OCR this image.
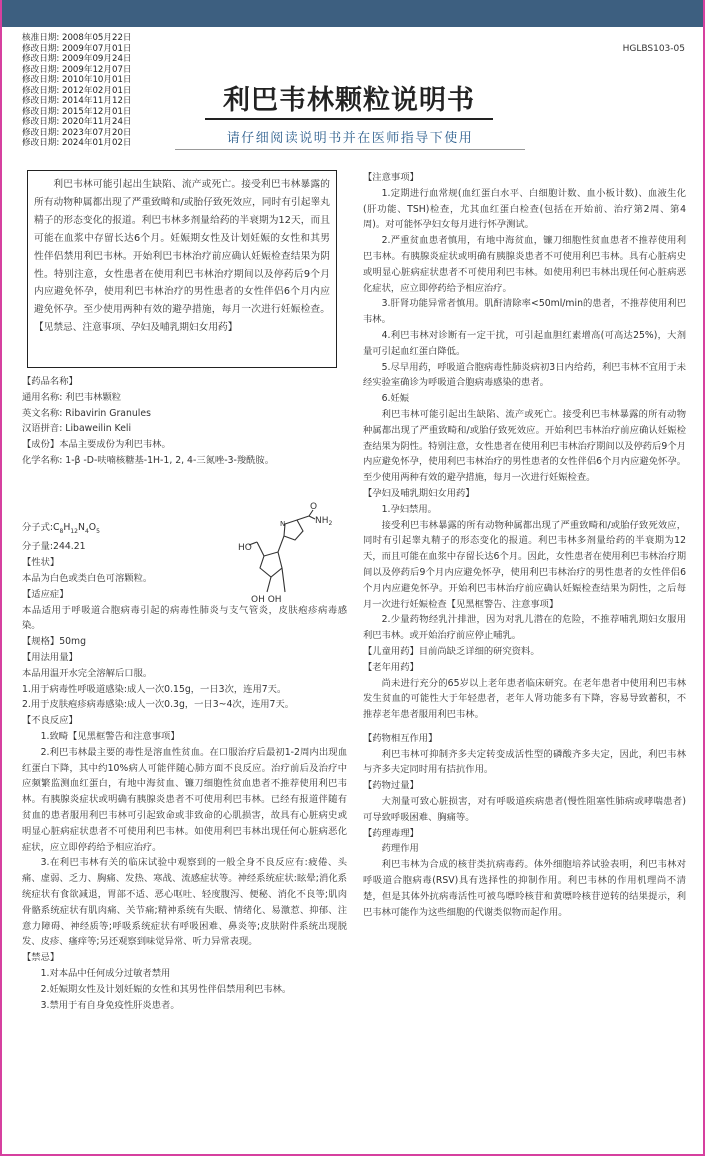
核准日期: 2008年05月22日
修改日期: 2009年07月01日
修改日期: 2009年09月24日
修改日期: 2009年12月07日
修改日期: 2010年10月01日
修改日期: 2012年02月01日
修改日期: 2014年11月12日
修改日期: 2015年12月01日
修改日期: 2020年11月24日
修改日期: 2023年07月20日
修改日期: 2024年01月02日
HGLBS103-05
利巴韦林颗粒说明书
请仔细阅读说明书并在医师指导下使用

利巴韦林可能引起出生缺陷、流产或死亡。接受利巴韦林暴露的所有动物种属都出现了严重致畸和/或胎仔致死效应，同时有引起睾丸精子的形态变化的报道。利巴韦林多剂量给药的半衰期为12天，而且可能在血浆中存留长达6个月。妊娠期女性及计划妊娠的女性和其男性伴侣禁用利巴韦林。开始利巴韦林治疗前应确认妊娠检查结果为阴性。特别注意，女性患者在使用利巴韦林治疗期间以及停药后9个月内应避免怀孕，使用利巴韦林治疗的男性患者的女性伴侣6个月内应避免怀孕。至少使用两种有效的避孕措施，每月一次进行妊娠检查。【见禁忌、注意事项、孕妇及哺乳期妇女用药】

【药品名称】

通用名称: 利巴韦林颗粒

英文名称: Ribavirin Granules

汉语拼音: Libaweilin Keli

【成份】本品主要成份为利巴韦林。

化学名称: 1-β -D-呋喃核糖基-1H-1, 2, 4-三氮唑-3-羧酰胺。

分子式$:C_8H_{12}N_4O_5$

分子量:244.21

【性状】

本品为白色或类白色可溶颗粒。

【适应症】

本品适用于呼吸道合胞病毒引起的病毒性肺炎与支气管炎，皮肤疱疹病毒感染。

【规格】50mg

【用法用量】

本品用温开水完全溶解后口服。

1.用于病毒性呼吸道感染:成人一次0.15g，一日3次，连用7天。

2.用于皮肤疱疹病毒感染:成人一次0.3g，一日3~4次，连用7天。

【不良反应】

1.致畸【见黑框警告和注意事项】

2.利巴韦林最主要的毒性是溶血性贫血。在口服治疗后最初1-2周内出现血红蛋白下降，其中约10%病人可能伴随心肺方面不良反应。治疗前后及治疗中应频繁监测血红蛋白，有地中海贫血、镰刀细胞性贫血患者不推荐使用利巴韦林。有胰腺炎症状或明确有胰腺炎患者不可使用利巴韦林。已经有报道伴随有贫血的患者服用利巴韦林可引起致命或非致命的心肌损害，故具有心脏病史或明显心脏病症状患者不可使用利巴韦林。如使用利巴韦林出现任何心脏病恶化症状，应立即停药给予相应治疗。

3.在利巴韦林有关的临床试验中观察到的一般全身不良反应有:疲倦、头痛、虚弱、乏力、胸痛、发热、寒战、流感症状等。神经系统症状:眩晕;消化系统症状有食欲减退，胃部不适、恶心呕吐、轻度腹泻、便秘、消化不良等;肌肉骨骼系统症状有肌肉痛、关节痛;精神系统有失眠、情绪化、易激惹、抑郁、注意力障碍、神经质等;呼吸系统症状有呼吸困难、鼻炎等;皮肤附件系统出现脱发、皮疹、瘙痒等;另还观察到味觉异常、听力异常表现。

【禁忌】

1.对本品中任何成分过敏者禁用

2.妊娠期女性及计划妊娠的女性和其男性伴侣禁用利巴韦林。

3.禁用于有自身免疫性肝炎患者。

$NH_2$
O
N
HO
OH OH

【注意事项】

1.定期进行血常规(血红蛋白水平、白细胞计数、血小板计数)、血液生化(肝功能、TSH)检查，尤其血红蛋白检查(包括在开始前、治疗第2周、第4周)。对可能怀孕妇女每月进行怀孕测试。

2.严重贫血患者慎用，有地中海贫血，镰刀细胞性贫血患者不推荐使用利巴韦林。有胰腺炎症状或明确有胰腺炎患者不可使用利巴韦林。具有心脏病史或明显心脏病症状患者不可使用利巴韦林。如使用利巴韦林出现任何心脏病恶化症状，应立即停药给予相应治疗。

3.肝肾功能异常者慎用。肌酐清除率<50ml/min的患者，不推荐使用利巴韦林。

4.利巴韦林对诊断有一定干扰，可引起血胆红素增高(可高达25%)，大剂量可引起血红蛋白降低。

5.尽早用药，呼吸道合胞病毒性肺炎病初3日内给药，利巴韦林不宜用于未经实验室确诊为呼吸道合胞病毒感染的患者。

6.妊娠

利巴韦林可能引起出生缺陷、流产或死亡。接受利巴韦林暴露的所有动物种属都出现了严重致畸和/或胎仔致死效应。开始利巴韦林治疗前应确认妊娠检查结果为阴性。特别注意，女性患者在使用利巴韦林治疗期间以及停药后9个月内应避免怀孕，使用利巴韦林治疗的男性患者的女性伴侣6个月内应避免怀孕。至少使用两种有效的避孕措施，每月一次进行妊娠检查。

【孕妇及哺乳期妇女用药】

1.孕妇禁用。

接受利巴韦林暴露的所有动物种属都出现了严重致畸和/或胎仔致死效应，同时有引起睾丸精子的形态变化的报道。利巴韦林多剂量给药的半衰期为12天，而且可能在血浆中存留长达6个月。因此，女性患者在使用利巴韦林治疗期间以及停药后9个月内应避免怀孕，使用利巴韦林治疗的男性患者的女性伴侣6个月内应避免怀孕。开始利巴韦林治疗前应确认妊娠检查结果为阴性，之后每月一次进行妊娠检查【见黑框警告、注意事项】

2.少量药物经乳汁排泄，因为对乳儿潜在的危险，不推荐哺乳期妇女服用利巴韦林。或开始治疗前应停止哺乳。

【儿童用药】目前尚缺乏详细的研究资料。

【老年用药】

尚未进行充分的65岁以上老年患者临床研究。在老年患者中使用利巴韦林发生贫血的可能性大于年轻患者，老年人肾功能多有下降，容易导致蓄积，不推荐老年患者服用利巴韦林。

【药物相互作用】

利巴韦林可抑制齐多夫定转变成活性型的磷酸齐多夫定，因此，利巴韦林与齐多夫定同时用有拮抗作用。

【药物过量】

大剂量可致心脏损害，对有呼吸道疾病患者(慢性阻塞性肺病或哮喘患者)可导致呼吸困难、胸痛等。

【药理毒理】

药理作用

利巴韦林为合成的核苷类抗病毒药。体外细胞培养试验表明，利巴韦林对呼吸道合胞病毒(RSV)具有选择性的抑制作用。利巴韦林的作用机理尚不清楚，但是其体外抗病毒活性可被鸟嘌呤核苷和黄嘌呤核苷逆转的结果提示，利巴韦林可能作为这些细胞的代谢类似物而起作用。
